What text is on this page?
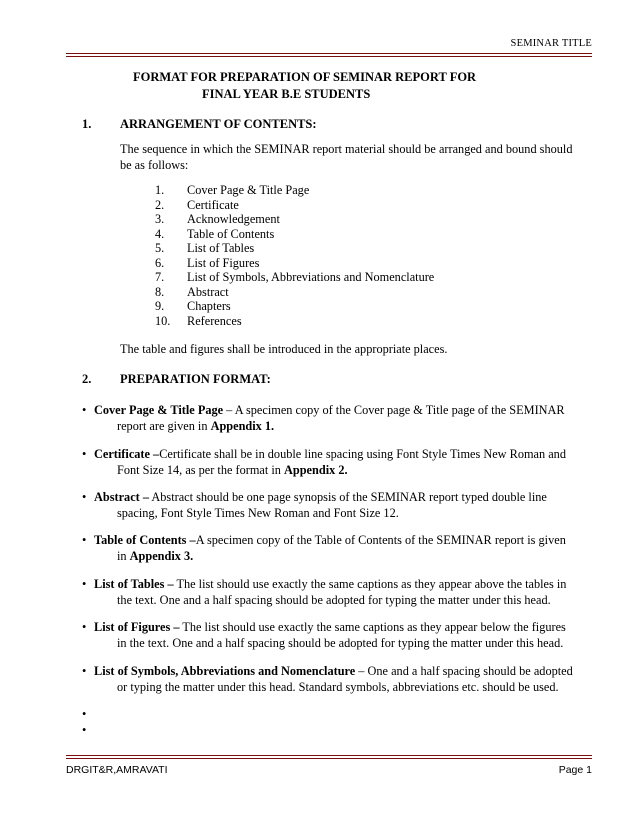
SEMINAR TITLE
FORMAT FOR PREPARATION OF SEMINAR REPORT FOR
FINAL YEAR B.E STUDENTS
1. ARRANGEMENT OF CONTENTS:
The sequence in which the SEMINAR report material should be arranged and bound should
be as follows:
1. Cover Page & Title Page
2. Certificate
3. Acknowledgement
4. Table of Contents
5. List of Tables
6. List of Figures
7. List of Symbols, Abbreviations and Nomenclature
8. Abstract
9. Chapters
10. References
The table and figures shall be introduced in the appropriate places.
2. PREPARATION FORMAT:
• Cover Page & Title Page – A specimen copy of the Cover page & Title page of the SEMINAR
report are given in Appendix 1.
• Certificate –Certificate shall be in double line spacing using Font Style Times New Roman and
Font Size 14, as per the format in Appendix 2.
• Abstract – Abstract should be one page synopsis of the SEMINAR report typed double line
spacing, Font Style Times New Roman and Font Size 12.
• Table of Contents –A specimen copy of the Table of Contents of the SEMINAR report is given
in Appendix 3.
• List of Tables – The list should use exactly the same captions as they appear above the tables in
the text. One and a half spacing should be adopted for typing the matter under this head.
• List of Figures – The list should use exactly the same captions as they appear below the figures
in the text. One and a half spacing should be adopted for typing the matter under this head.
• List of Symbols, Abbreviations and Nomenclature – One and a half spacing should be adopted
or typing the matter under this head. Standard symbols, abbreviations etc. should be used.
•
•
DRGIT&R,AMRAVATI	Page 1
